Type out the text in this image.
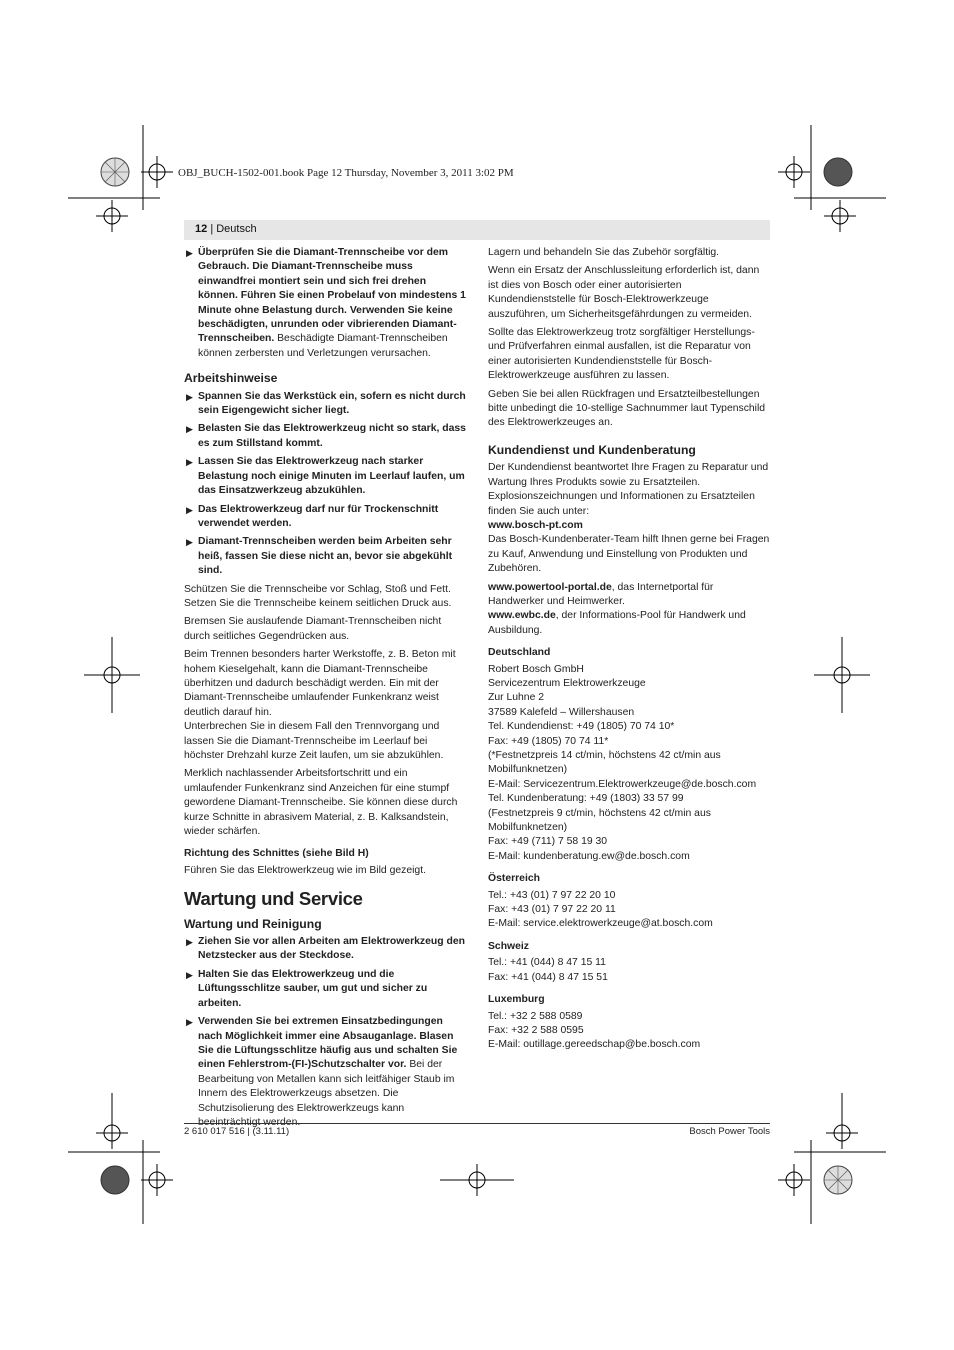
OBJ_BUCH-1502-001.book Page 12 Thursday, November 3, 2011 3:02 PM
12 | Deutsch
▶ Überprüfen Sie die Diamant-Trennscheibe vor dem Gebrauch. Die Diamant-Trennscheibe muss einwandfrei montiert sein und sich frei drehen können. Führen Sie einen Probelauf von mindestens 1 Minute ohne Belastung durch. Verwenden Sie keine beschädigten, unrunden oder vibrierenden Diamant-Trennscheiben. Beschädigte Diamant-Trennscheiben können zerbersten und Verletzungen verursachen.
Arbeitshinweise
▶ Spannen Sie das Werkstück ein, sofern es nicht durch sein Eigengewicht sicher liegt.
▶ Belasten Sie das Elektrowerkzeug nicht so stark, dass es zum Stillstand kommt.
▶ Lassen Sie das Elektrowerkzeug nach starker Belastung noch einige Minuten im Leerlauf laufen, um das Einsatzwerkzeug abzukühlen.
▶ Das Elektrowerkzeug darf nur für Trockenschnitt verwendet werden.
▶ Diamant-Trennscheiben werden beim Arbeiten sehr heiß, fassen Sie diese nicht an, bevor sie abgekühlt sind.

Schützen Sie die Trennscheibe vor Schlag, Stoß und Fett. Setzen Sie die Trennscheibe keinem seitlichen Druck aus.

Bremsen Sie auslaufende Diamant-Trennscheiben nicht durch seitliches Gegendrücken aus.

Beim Trennen besonders harter Werkstoffe, z. B. Beton mit hohem Kieselgehalt, kann die Diamant-Trennscheibe überhitzen und dadurch beschädigt werden. Ein mit der Diamant-Trennscheibe umlaufender Funkenkranz weist deutlich darauf hin.

Unterbrechen Sie in diesem Fall den Trennvorgang und lassen Sie die Diamant-Trennscheibe im Leerlauf bei höchster Drehzahl kurze Zeit laufen, um sie abzukühlen.

Merklich nachlassender Arbeitsfortschritt und ein umlaufender Funkenkranz sind Anzeichen für eine stumpf gewordene Diamant-Trennscheibe. Sie können diese durch kurze Schnitte in abrasivem Material, z. B. Kalksandstein, wieder schärfen.

Richtung des Schnittes (siehe Bild H)

Führen Sie das Elektrowerkzeug wie im Bild gezeigt.

Wartung und Service
Wartung und Reinigung
▶ Ziehen Sie vor allen Arbeiten am Elektrowerkzeug den Netzstecker aus der Steckdose.
▶ Halten Sie das Elektrowerkzeug und die Lüftungsschlitze sauber, um gut und sicher zu arbeiten.
▶ Verwenden Sie bei extremen Einsatzbedingungen nach Möglichkeit immer eine Absauganlage. Blasen Sie die Lüftungsschlitze häufig aus und schalten Sie einen Fehlerstrom-(FI-)Schutzschalter vor. Bei der Bearbeitung von Metallen kann sich leitfähiger Staub im Innern des Elektrowerkzeugs absetzen. Die Schutzisolierung des Elektrowerkzeugs kann beeinträchtigt werden.

Lagern und behandeln Sie das Zubehör sorgfältig.

Wenn ein Ersatz der Anschlussleitung erforderlich ist, dann ist dies von Bosch oder einer autorisierten Kundendienststelle für Bosch-Elektrowerkzeuge auszuführen, um Sicherheitsgefährdungen zu vermeiden.

Sollte das Elektrowerkzeug trotz sorgfältiger Herstellungs- und Prüfverfahren einmal ausfallen, ist die Reparatur von einer autorisierten Kundendienststelle für Bosch-Elektrowerkzeuge ausführen zu lassen.

Geben Sie bei allen Rückfragen und Ersatzteilbestellungen bitte unbedingt die 10-stellige Sachnummer laut Typenschild des Elektrowerkzeuges an.

Kundendienst und Kundenberatung

Der Kundendienst beantwortet Ihre Fragen zu Reparatur und Wartung Ihres Produkts sowie zu Ersatzteilen. Explosionszeichnungen und Informationen zu Ersatzteilen finden Sie auch unter:

www.bosch-pt.com

Das Bosch-Kundenberater-Team hilft Ihnen gerne bei Fragen zu Kauf, Anwendung und Einstellung von Produkten und Zubehören.

www.powertool-portal.de, das Internetportal für Handwerker und Heimwerker.

www.ewbc.de, der Informations-Pool für Handwerk und Ausbildung.

Deutschland
Robert Bosch GmbH
Servicezentrum Elektrowerkzeuge
Zur Luhne 2
37589 Kalefeld – Willershausen
Tel. Kundendienst: +49 (1805) 70 74 10*
Fax: +49 (1805) 70 74 11*
(*Festnetzpreis 14 ct/min, höchstens 42 ct/min aus Mobilfunknetzen)
E-Mail: Servicezentrum.Elektrowerkzeuge@de.bosch.com
Tel. Kundenberatung: +49 (1803) 33 57 99
(Festnetzpreis 9 ct/min, höchstens 42 ct/min aus Mobilfunknetzen)
Fax: +49 (711) 7 58 19 30
E-Mail: kundenberatung.ew@de.bosch.com
Österreich
Tel.: +43 (01) 7 97 22 20 10
Fax: +43 (01) 7 97 22 20 11
E-Mail: service.elektrowerkzeuge@at.bosch.com
Schweiz
Tel.: +41 (044) 8 47 15 11
Fax: +41 (044) 8 47 15 51
Luxemburg
Tel.: +32 2 588 0589
Fax: +32 2 588 0595
E-Mail: outillage.gereedschap@be.bosch.com
2 610 017 516 | (3.11.11)	Bosch Power Tools
